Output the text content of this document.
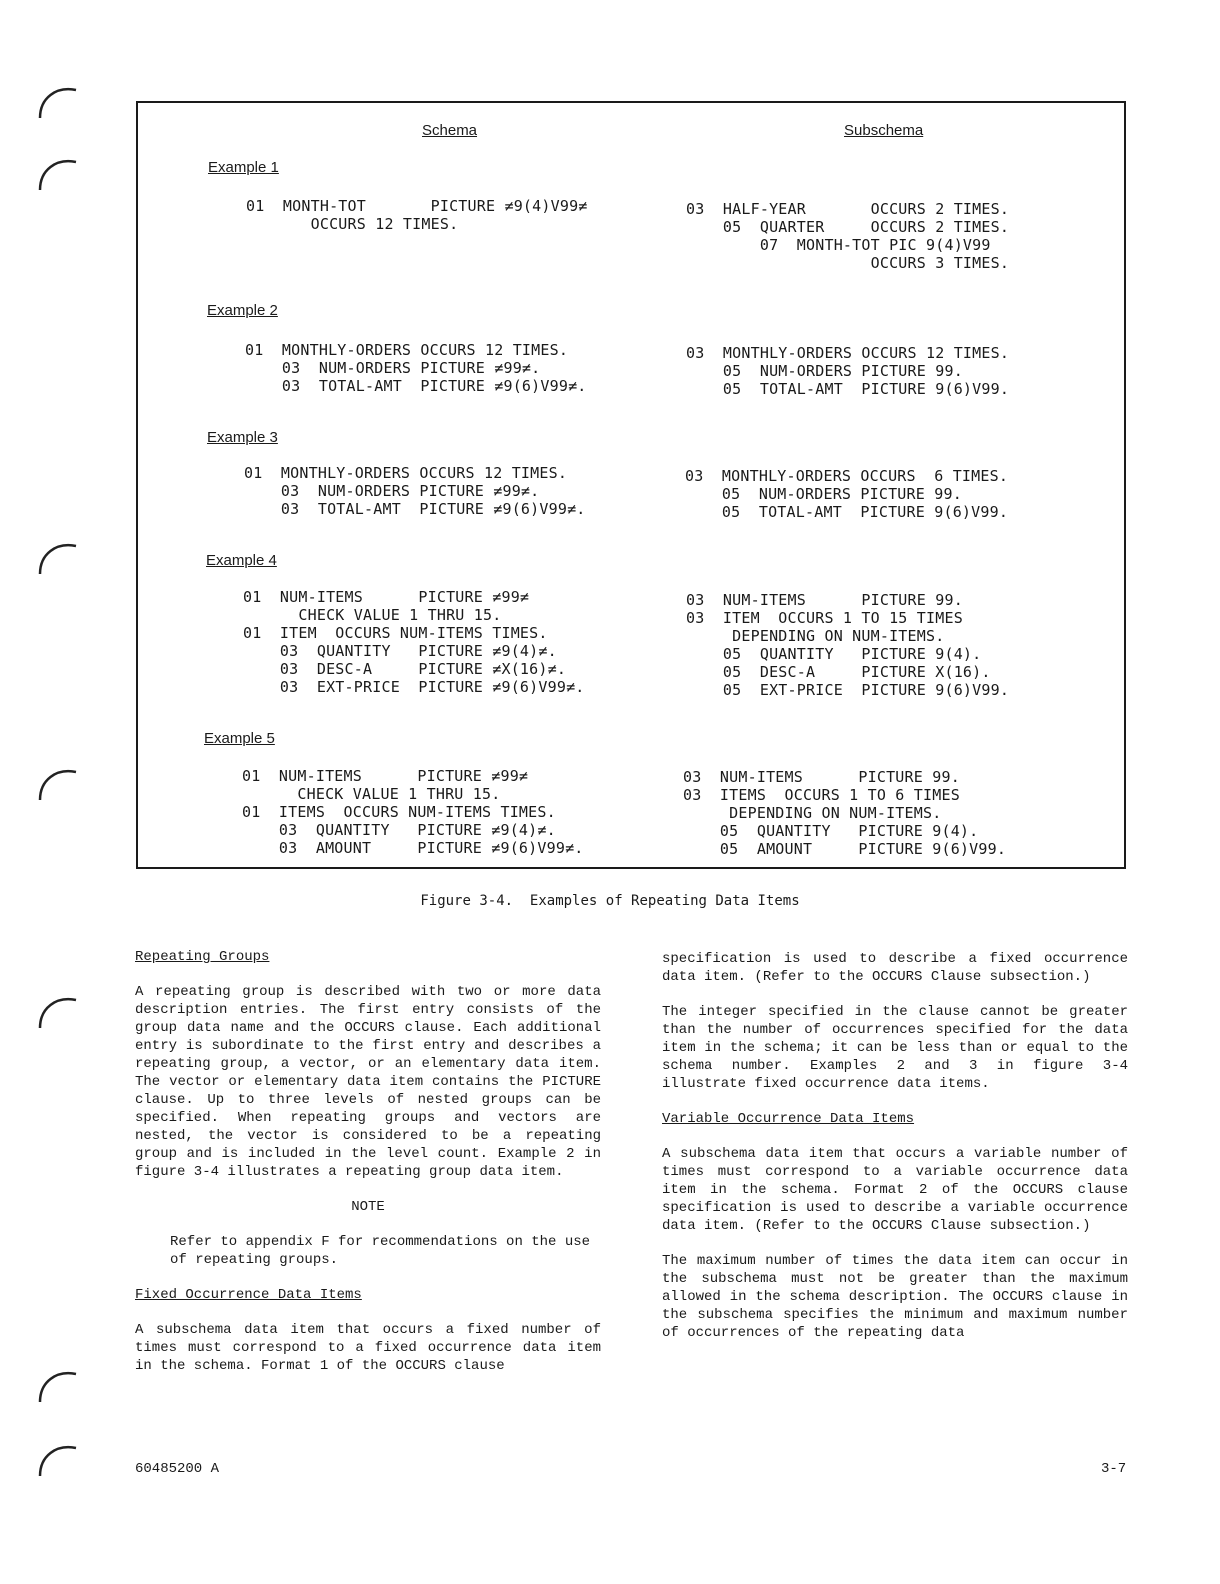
Schema	Subschema
Example 1
01  MONTH-TOT       PICTURE ≠9(4)V99≠
OCCURS 12 TIMES.
03  HALF-YEAR       OCCURS 2 TIMES.
05  QUARTER     OCCURS 2 TIMES.
07  MONTH-TOT PIC 9(4)V99
OCCURS 3 TIMES.
Example 2
01  MONTHLY-ORDERS OCCURS 12 TIMES.
03  NUM-ORDERS PICTURE ≠99≠.
03  TOTAL-AMT  PICTURE ≠9(6)V99≠.
03  MONTHLY-ORDERS OCCURS 12 TIMES.
05  NUM-ORDERS PICTURE 99.
05  TOTAL-AMT  PICTURE 9(6)V99.
Example 3
01  MONTHLY-ORDERS OCCURS 12 TIMES.
03  NUM-ORDERS PICTURE ≠99≠.
03  TOTAL-AMT  PICTURE ≠9(6)V99≠.
03  MONTHLY-ORDERS OCCURS  6 TIMES.
05  NUM-ORDERS PICTURE 99.
05  TOTAL-AMT  PICTURE 9(6)V99.
Example 4
01  NUM-ITEMS      PICTURE ≠99≠
CHECK VALUE 1 THRU 15.
01  ITEM  OCCURS NUM-ITEMS TIMES.
03  QUANTITY   PICTURE ≠9(4)≠.
03  DESC-A     PICTURE ≠X(16)≠.
03  EXT-PRICE  PICTURE ≠9(6)V99≠.
03  NUM-ITEMS      PICTURE 99.
03  ITEM  OCCURS 1 TO 15 TIMES
DEPENDING ON NUM-ITEMS.
05  QUANTITY   PICTURE 9(4).
05  DESC-A     PICTURE X(16).
05  EXT-PRICE  PICTURE 9(6)V99.
Example 5
01  NUM-ITEMS      PICTURE ≠99≠
CHECK VALUE 1 THRU 15.
01  ITEMS  OCCURS NUM-ITEMS TIMES.
03  QUANTITY   PICTURE ≠9(4)≠.
03  AMOUNT     PICTURE ≠9(6)V99≠.
03  NUM-ITEMS      PICTURE 99.
03  ITEMS  OCCURS 1 TO 6 TIMES
DEPENDING ON NUM-ITEMS.
05  QUANTITY   PICTURE 9(4).
05  AMOUNT     PICTURE 9(6)V99.

Figure 3-4.  Examples of Repeating Data Items

Repeating Groups

A repeating group is described with two or more data description entries. The first entry consists of the group data name and the OCCURS clause. Each additional entry is subordinate to the first entry and describes a repeating group, a vector, or an elementary data item. The vector or elementary data item contains the PICTURE clause. Up to three levels of nested groups can be specified. When repeating groups and vectors are nested, the vector is considered to be a repeating group and is included in the level count. Example 2 in figure 3-4 illustrates a repeating group data item.

NOTE

Refer to appendix F for recommendations on the use of repeating groups.

Fixed Occurrence Data Items

A subschema data item that occurs a fixed number of times must correspond to a fixed occurrence data item in the schema. Format 1 of the OCCURS clause

specification is used to describe a fixed occurrence data item. (Refer to the OCCURS Clause subsection.)

The integer specified in the clause cannot be greater than the number of occurrences specified for the data item in the schema; it can be less than or equal to the schema number. Examples 2 and 3 in figure 3-4 illustrate fixed occurrence data items.

Variable Occurrence Data Items

A subschema data item that occurs a variable number of times must correspond to a variable occurrence data item in the schema. Format 2 of the OCCURS clause specification is used to describe a variable occurrence data item. (Refer to the OCCURS Clause subsection.)

The maximum number of times the data item can occur in the subschema must not be greater than the maximum allowed in the schema description. The OCCURS clause in the subschema specifies the minimum and maximum number of occurrences of the repeating data

60485200 A	3-7
